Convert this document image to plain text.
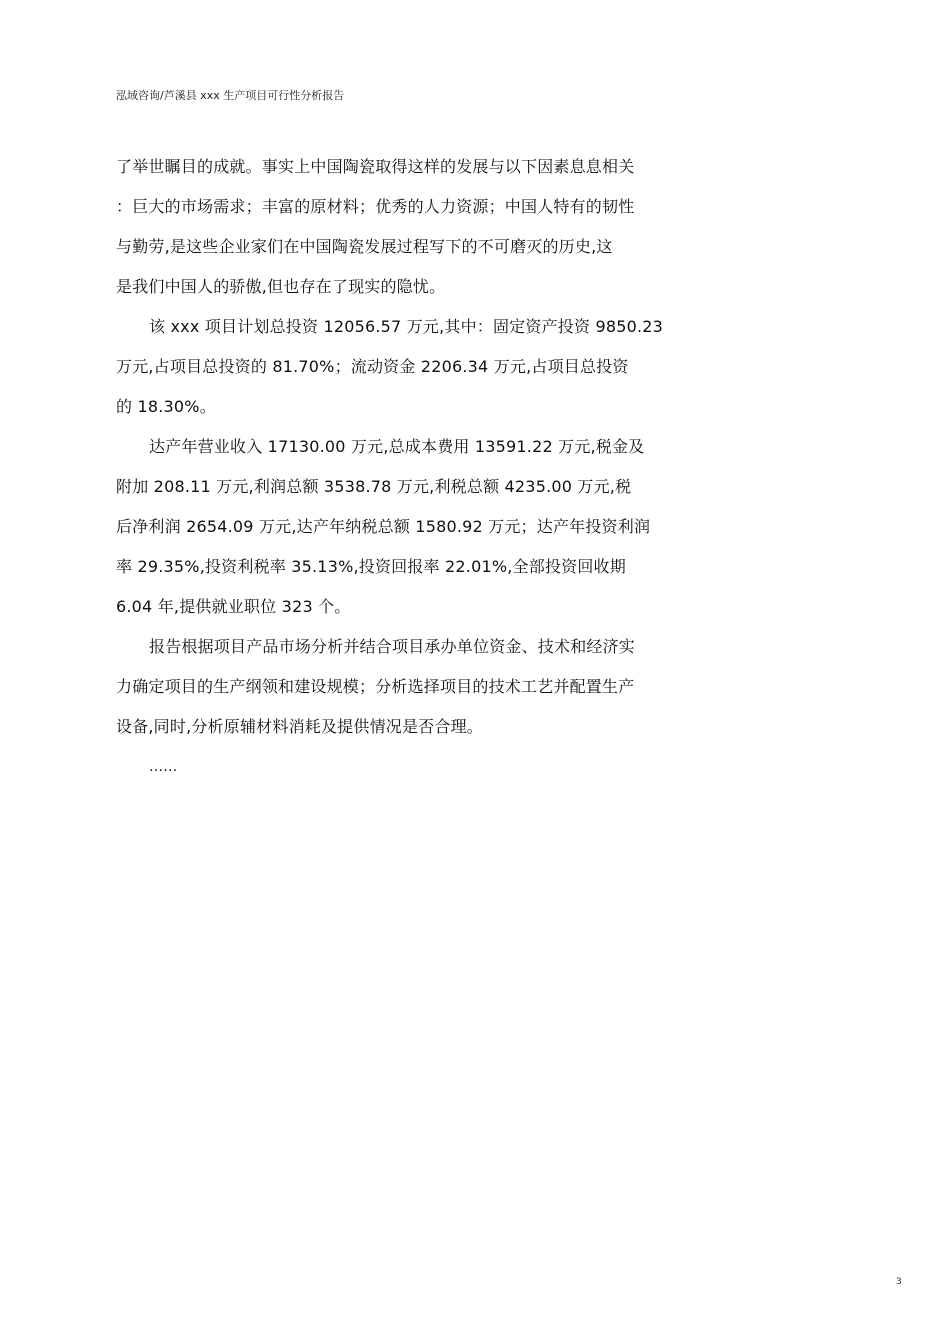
泓域咨询/芦溪县 xxx 生产项目可行性分析报告
了举世瞩目的成就。事实上中国陶瓷取得这样的发展与以下因素息息相关
：巨大的市场需求；丰富的原材料；优秀的人力资源；中国人特有的韧性
与勤劳,是这些企业家们在中国陶瓷发展过程写下的不可磨灭的历史,这
是我们中国人的骄傲,但也存在了现实的隐忧。
该 xxx 项目计划总投资 12056.57 万元,其中：固定资产投资 9850.23
万元,占项目总投资的 81.70%；流动资金 2206.34 万元,占项目总投资
的 18.30%。
达产年营业收入 17130.00 万元,总成本费用 13591.22 万元,税金及
附加 208.11 万元,利润总额 3538.78 万元,利税总额 4235.00 万元,税
后净利润 2654.09 万元,达产年纳税总额 1580.92 万元；达产年投资利润
率 29.35%,投资利税率 35.13%,投资回报率 22.01%,全部投资回收期
6.04 年,提供就业职位 323 个。
报告根据项目产品市场分析并结合项目承办单位资金、技术和经济实
力确定项目的生产纲领和建设规模；分析选择项目的技术工艺并配置生产
设备,同时,分析原辅材料消耗及提供情况是否合理。
……
3
